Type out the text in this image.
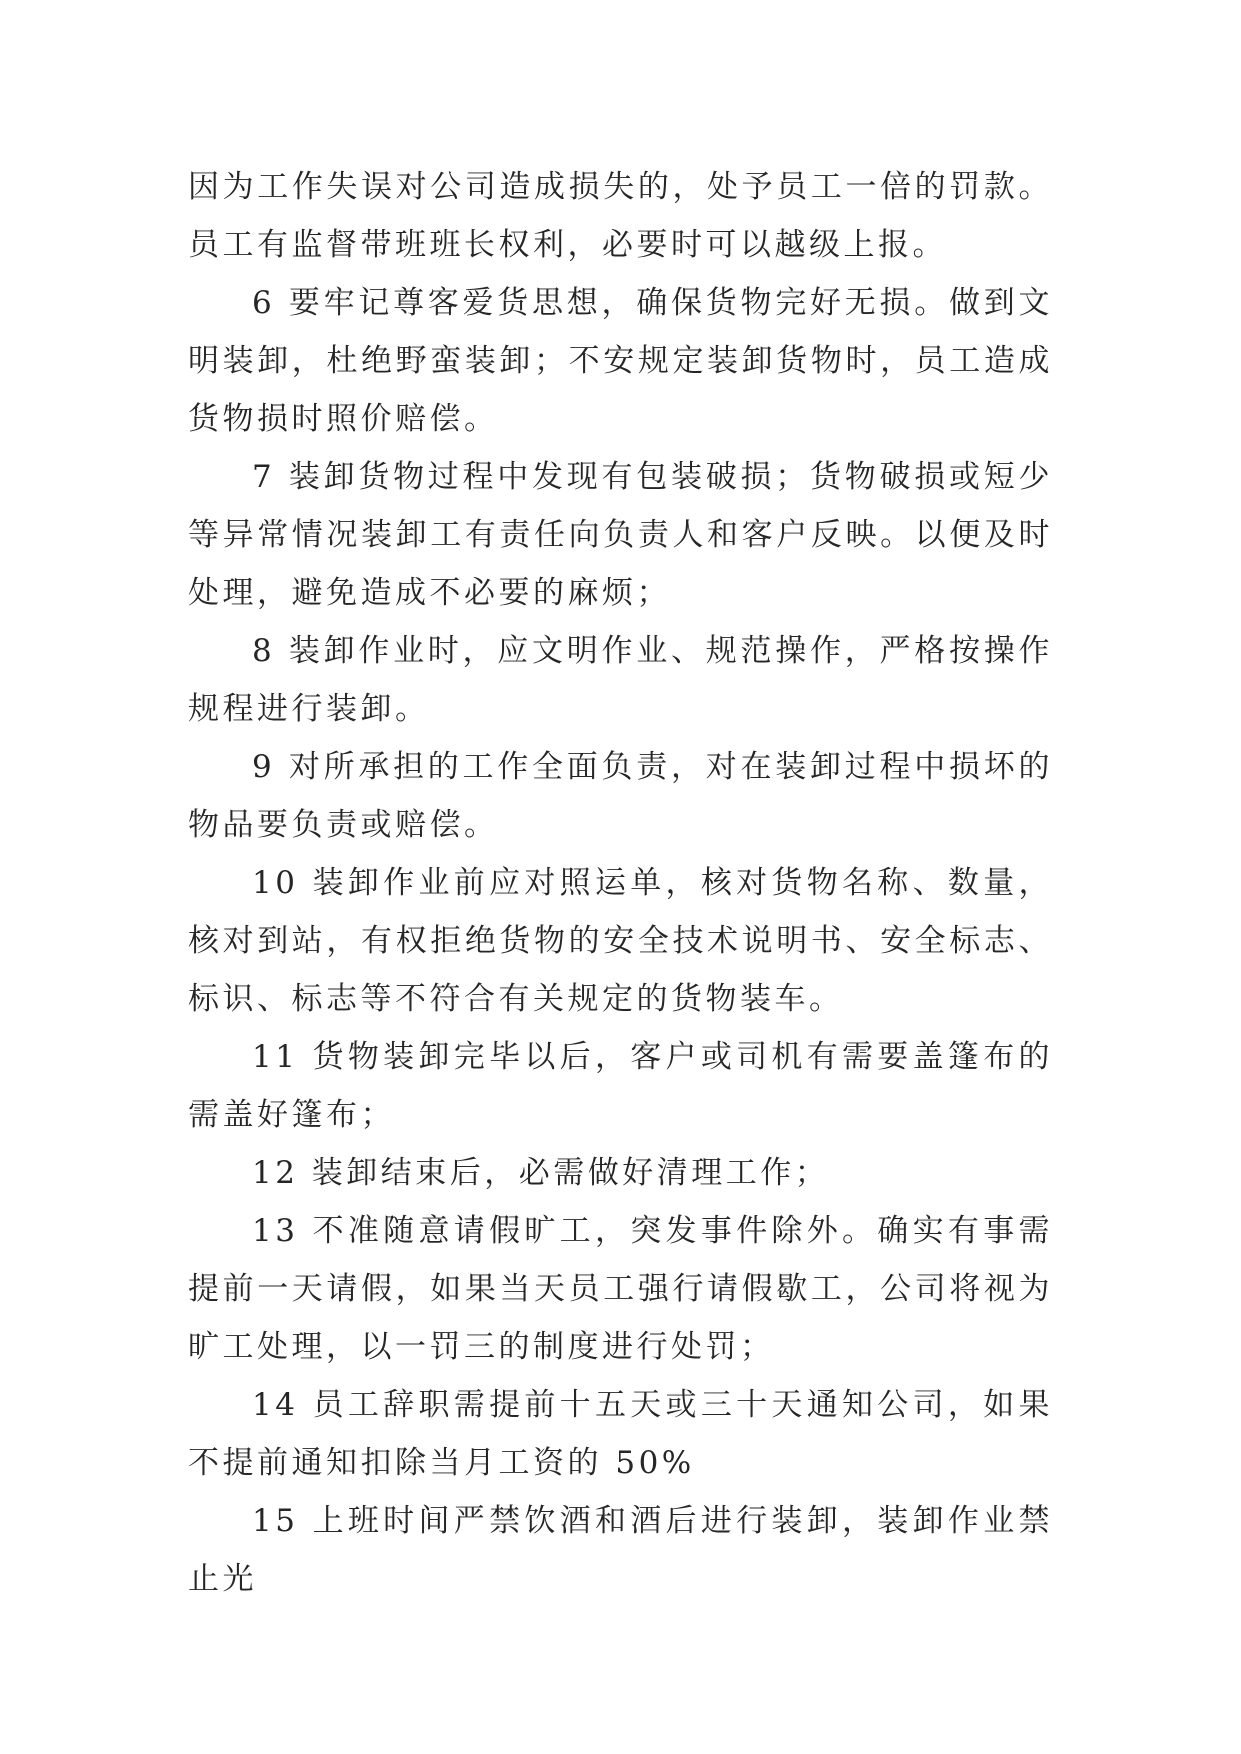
因为工作失误对公司造成损失的，处予员工一倍的罚款。员工有监督带班班长权利，必要时可以越级上报。

6 要牢记尊客爱货思想，确保货物完好无损。做到文明装卸，杜绝野蛮装卸；不安规定装卸货物时，员工造成货物损时照价赔偿。

7 装卸货物过程中发现有包装破损；货物破损或短少等异常情况装卸工有责任向负责人和客户反映。以便及时处理，避免造成不必要的麻烦；

8 装卸作业时，应文明作业、规范操作，严格按操作规程进行装卸。

9 对所承担的工作全面负责，对在装卸过程中损坏的物品要负责或赔偿。

10 装卸作业前应对照运单，核对货物名称、数量，核对到站，有权拒绝货物的安全技术说明书、安全标志、标识、标志等不符合有关规定的货物装车。

11 货物装卸完毕以后，客户或司机有需要盖篷布的需盖好篷布；

12 装卸结束后，必需做好清理工作；

13 不准随意请假旷工，突发事件除外。确实有事需提前一天请假，如果当天员工强行请假歇工，公司将视为旷工处理，以一罚三的制度进行处罚；

14 员工辞职需提前十五天或三十天通知公司，如果不提前通知扣除当月工资的 50%

15 上班时间严禁饮酒和酒后进行装卸，装卸作业禁止光
